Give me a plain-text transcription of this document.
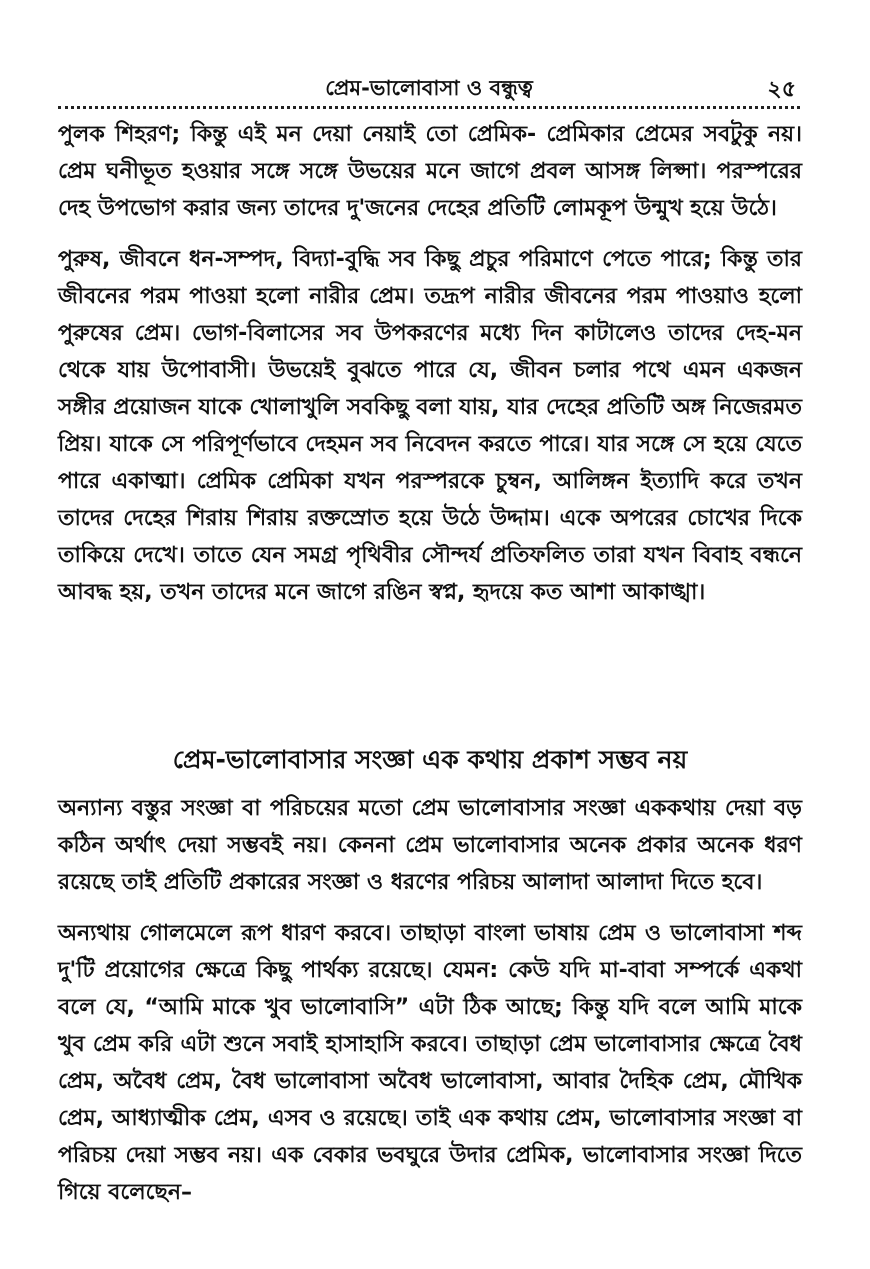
প্রেম-ভালোবাসা ও বন্ধুত্ব	২৫

পুলক শিহরণ; কিন্তু এই মন দেয়া নেয়াই তো প্রেমিক- প্রেমিকার প্রেমের সবটুকু নয়। প্রেম ঘনীভূত হওয়ার সঙ্গে সঙ্গে উভয়ের মনে জাগে প্রবল আসঙ্গ লিপ্সা। পরস্পরের দেহ উপভোগ করার জন্য তাদের দু'জনের দেহের প্রতিটি লোমকূপ উন্মুখ হয়ে উঠে।

পুরুষ, জীবনে ধন-সম্পদ, বিদ্যা-বুদ্ধি সব কিছু প্রচুর পরিমাণে পেতে পারে; কিন্তু তার জীবনের পরম পাওয়া হলো নারীর প্রেম। তদ্রূপ নারীর জীবনের পরম পাওয়াও হলো পুরুষের প্রেম। ভোগ-বিলাসের সব উপকরণের মধ্যে দিন কাটালেও তাদের দেহ-মন থেকে যায় উপোবাসী। উভয়েই বুঝতে পারে যে, জীবন চলার পথে এমন একজন সঙ্গীর প্রয়োজন যাকে খোলাখুলি সবকিছু বলা যায়, যার দেহের প্রতিটি অঙ্গ নিজেরমত প্রিয়। যাকে সে পরিপূর্ণভাবে দেহমন সব নিবেদন করতে পারে। যার সঙ্গে সে হয়ে যেতে পারে একাত্মা। প্রেমিক প্রেমিকা যখন পরস্পরকে চুম্বন, আলিঙ্গন ইত্যাদি করে তখন তাদের দেহের শিরায় শিরায় রক্তস্রোত হয়ে উঠে উদ্দাম। একে অপরের চোখের দিকে তাকিয়ে দেখে। তাতে যেন সমগ্র পৃথিবীর সৌন্দর্য প্রতিফলিত তারা যখন বিবাহ বন্ধনে আবদ্ধ হয়, তখন তাদের মনে জাগে রঙিন স্বপ্ন, হৃদয়ে কত আশা আকাঙ্খা।

প্রেম-ভালোবাসার সংজ্ঞা এক কথায় প্রকাশ সম্ভব নয়

অন্যান্য বস্তুর সংজ্ঞা বা পরিচয়ের মতো প্রেম ভালোবাসার সংজ্ঞা এককথায় দেয়া বড় কঠিন অর্থাৎ দেয়া সম্ভবই নয়। কেননা প্রেম ভালোবাসার অনেক প্রকার অনেক ধরণ রয়েছে তাই প্রতিটি প্রকারের সংজ্ঞা ও ধরণের পরিচয় আলাদা আলাদা দিতে হবে।

অন্যথায় গোলমেলে রূপ ধারণ করবে। তাছাড়া বাংলা ভাষায় প্রেম ও ভালোবাসা শব্দ দু'টি প্রয়োগের ক্ষেত্রে কিছু পার্থক্য রয়েছে। যেমন: কেউ যদি মা-বাবা সম্পর্কে একথা বলে যে, “আমি মাকে খুব ভালোবাসি” এটা ঠিক আছে; কিন্তু যদি বলে আমি মাকে খুব প্রেম করি এটা শুনে সবাই হাসাহাসি করবে। তাছাড়া প্রেম ভালোবাসার ক্ষেত্রে বৈধ প্রেম, অবৈধ প্রেম, বৈধ ভালোবাসা অবৈধ ভালোবাসা, আবার দৈহিক প্রেম, মৌখিক প্রেম, আধ্যাত্মীক প্রেম, এসব ও রয়েছে। তাই এক কথায় প্রেম, ভালোবাসার সংজ্ঞা বা পরিচয় দেয়া সম্ভব নয়। এক বেকার ভবঘুরে উদার প্রেমিক, ভালোবাসার সংজ্ঞা দিতে গিয়ে বলেছেন–
